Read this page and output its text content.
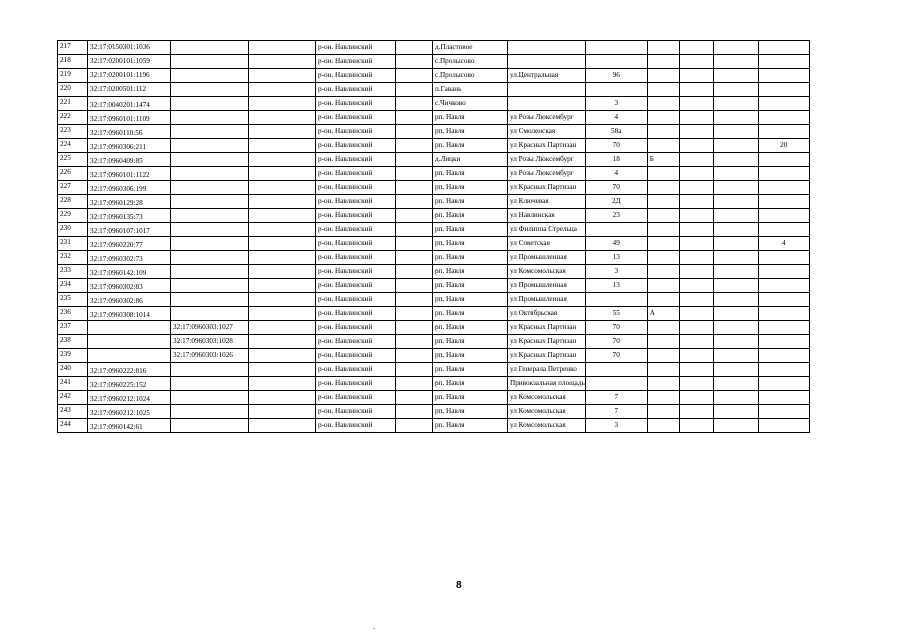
217	32:17:0150301:1036			р-он. Навлинский		д.Пластовое						
218	32:17:0200101:1059			р-он. Навлинский		с.Пролысово						
219	32:17:0200101:1196			р-он. Навлинский		с.Пролысово	ул.Центральная	96				
220	32:17:0200501:112			р-он. Навлинский		п.Гавань						
221	32:17:0040201:1474			р-он. Навлинский		с.Чичково		3				
222	32:17:0960101:1109			р-он. Навлинский		рп. Навля	ул Розы Люксембург	4				
223	32:17:0960110:56			р-он. Навлинский		рп. Навля	ул Смоленская	58а				
224	32:17:0960306:211			р-он. Навлинский		рп. Навля	ул Красных Партизан	70				20
225	32:17:0960409:85			р-он. Навлинский		д.Лицки	ул Розы Люксембург	18	Б			
226	32:17:0960101:1122			р-он. Навлинский		рп. Навля	ул Розы Люксембург	4				
227	32:17:0960306:199			р-он. Навлинский		рп. Навля	ул Красных Партизан	70				
228	32:17:0960129:28			р-он. Навлинский		рп. Навля	ул Ключевая	2Д				
229	32:17:0960135:73			р-он. Навлинский		рп. Навля	ул Навлинская	23				
230	32:17:0960107:1017			р-он. Навлинский		рп. Навля	ул Филиппа Стрельца					
231	32:17:0960220:77			р-он. Навлинский		рп. Навля	ул Советская	49				4
232	32:17:0960302:73			р-он. Навлинский		рп. Навля	ул Промышленная	13				
233	32:17:0960142:109			р-он. Навлинский		рп. Навля	ул Комсомольская	3				
234	32:17:0960302:83			р-он. Навлинский		рп. Навля	ул Промышленная	13				
235	32:17:0960302:86			р-он. Навлинский		рп. Навля	ул Промышленная					
236	32:17:0960308:1014			р-он. Навлинский		рп. Навля	ул Октябрьская	55	А			
237		32:17:0960303:1027		р-он. Навлинский		рп. Навля	ул Красных Партизан	70				
238		32:17:0960303:1028		р-он. Навлинский		рп. Навля	ул Красных Партизан	70				
239		32:17:0960303:1026		р-он. Навлинский		рп. Навля	ул Красных Партизан	70				
240	32:17:0960222:816			р-он. Навлинский		рп. Навля	ул Генерала Петренко					
241	32:17:0960225:152			р-он. Навлинский		рп. Навля	Привокзальная площадь					
242	32:17:0960212:1024			р-он. Навлинский		рп. Навля	ул Комсомольская	7				
243	32:17:0960212:1025			р-он. Навлинский		рп. Навля	ул Комсомольская	7				
244	32:17:0960142:61			р-он. Навлинский		рп. Навля	ул Комсомольская	3				
8
